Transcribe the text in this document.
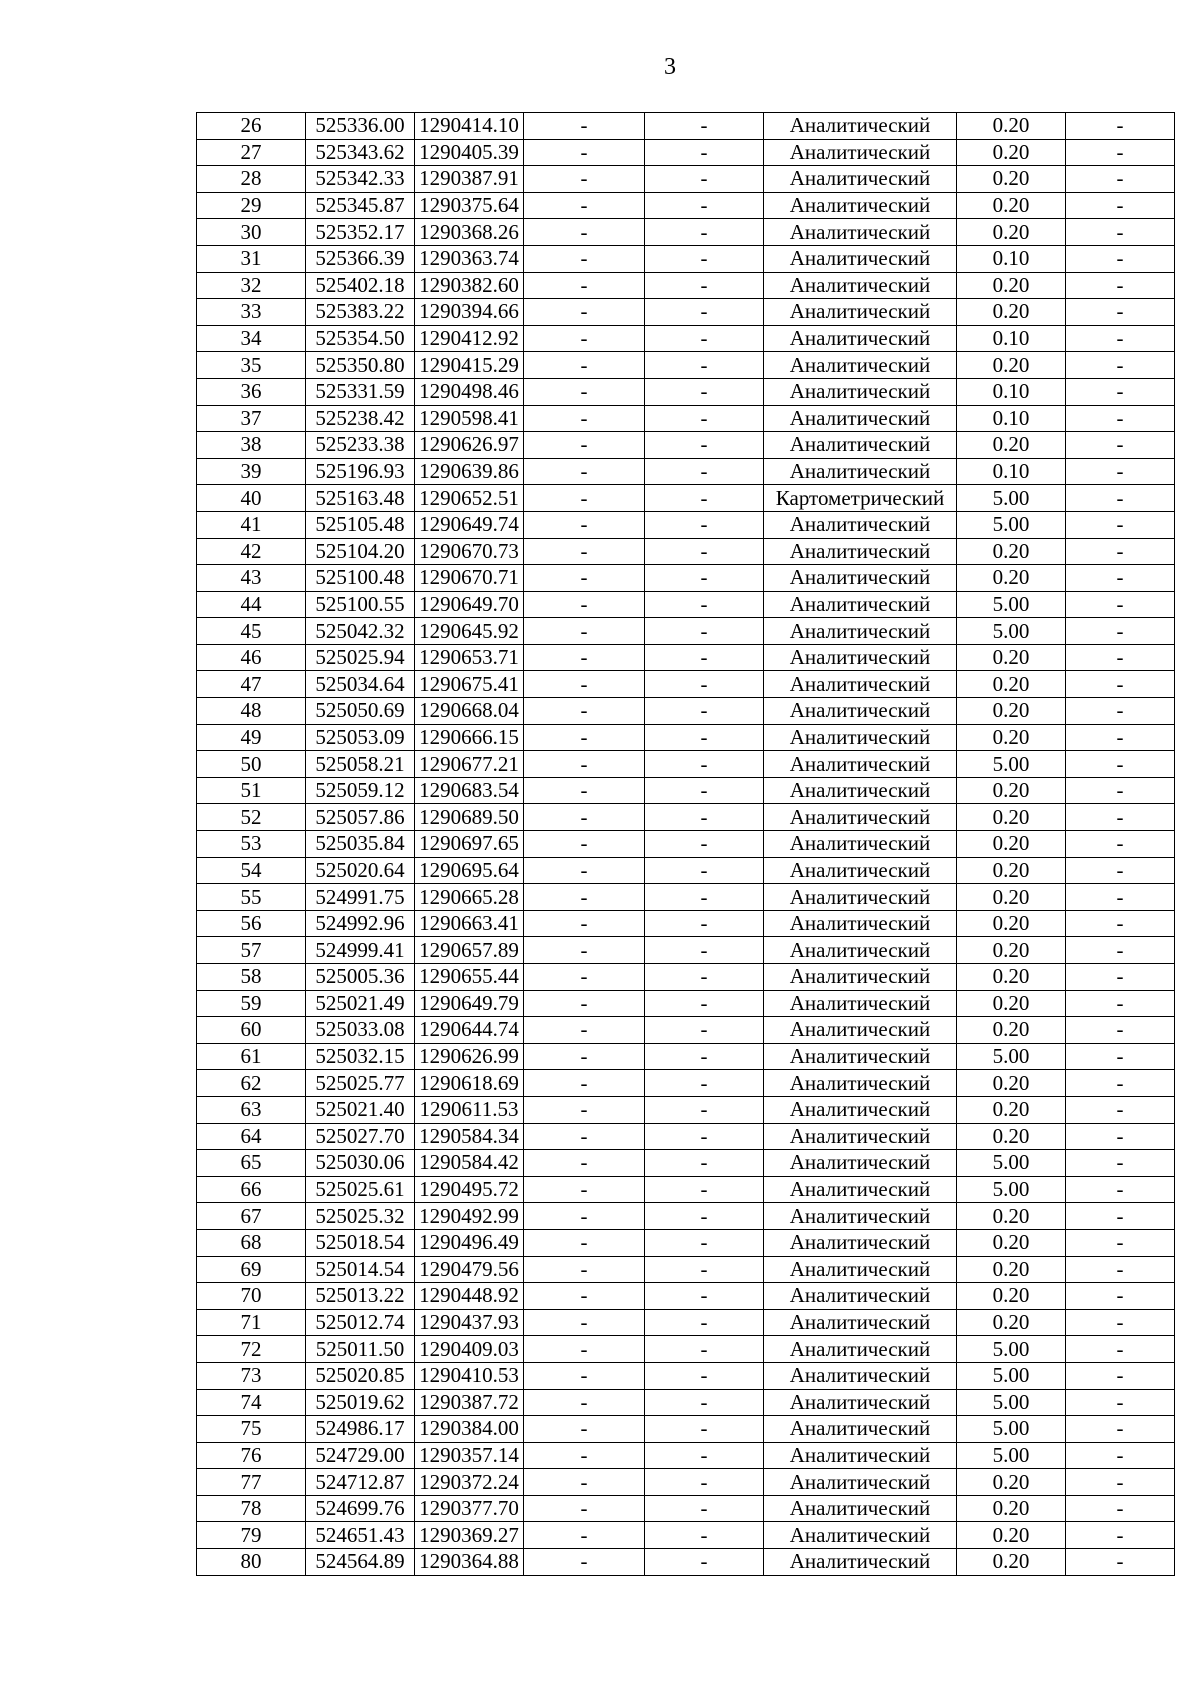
3
26	525336.00	1290414.10	-	-	Аналитический	0.20	-
27	525343.62	1290405.39	-	-	Аналитический	0.20	-
28	525342.33	1290387.91	-	-	Аналитический	0.20	-
29	525345.87	1290375.64	-	-	Аналитический	0.20	-
30	525352.17	1290368.26	-	-	Аналитический	0.20	-
31	525366.39	1290363.74	-	-	Аналитический	0.10	-
32	525402.18	1290382.60	-	-	Аналитический	0.20	-
33	525383.22	1290394.66	-	-	Аналитический	0.20	-
34	525354.50	1290412.92	-	-	Аналитический	0.10	-
35	525350.80	1290415.29	-	-	Аналитический	0.20	-
36	525331.59	1290498.46	-	-	Аналитический	0.10	-
37	525238.42	1290598.41	-	-	Аналитический	0.10	-
38	525233.38	1290626.97	-	-	Аналитический	0.20	-
39	525196.93	1290639.86	-	-	Аналитический	0.10	-
40	525163.48	1290652.51	-	-	Картометрический	5.00	-
41	525105.48	1290649.74	-	-	Аналитический	5.00	-
42	525104.20	1290670.73	-	-	Аналитический	0.20	-
43	525100.48	1290670.71	-	-	Аналитический	0.20	-
44	525100.55	1290649.70	-	-	Аналитический	5.00	-
45	525042.32	1290645.92	-	-	Аналитический	5.00	-
46	525025.94	1290653.71	-	-	Аналитический	0.20	-
47	525034.64	1290675.41	-	-	Аналитический	0.20	-
48	525050.69	1290668.04	-	-	Аналитический	0.20	-
49	525053.09	1290666.15	-	-	Аналитический	0.20	-
50	525058.21	1290677.21	-	-	Аналитический	5.00	-
51	525059.12	1290683.54	-	-	Аналитический	0.20	-
52	525057.86	1290689.50	-	-	Аналитический	0.20	-
53	525035.84	1290697.65	-	-	Аналитический	0.20	-
54	525020.64	1290695.64	-	-	Аналитический	0.20	-
55	524991.75	1290665.28	-	-	Аналитический	0.20	-
56	524992.96	1290663.41	-	-	Аналитический	0.20	-
57	524999.41	1290657.89	-	-	Аналитический	0.20	-
58	525005.36	1290655.44	-	-	Аналитический	0.20	-
59	525021.49	1290649.79	-	-	Аналитический	0.20	-
60	525033.08	1290644.74	-	-	Аналитический	0.20	-
61	525032.15	1290626.99	-	-	Аналитический	5.00	-
62	525025.77	1290618.69	-	-	Аналитический	0.20	-
63	525021.40	1290611.53	-	-	Аналитический	0.20	-
64	525027.70	1290584.34	-	-	Аналитический	0.20	-
65	525030.06	1290584.42	-	-	Аналитический	5.00	-
66	525025.61	1290495.72	-	-	Аналитический	5.00	-
67	525025.32	1290492.99	-	-	Аналитический	0.20	-
68	525018.54	1290496.49	-	-	Аналитический	0.20	-
69	525014.54	1290479.56	-	-	Аналитический	0.20	-
70	525013.22	1290448.92	-	-	Аналитический	0.20	-
71	525012.74	1290437.93	-	-	Аналитический	0.20	-
72	525011.50	1290409.03	-	-	Аналитический	5.00	-
73	525020.85	1290410.53	-	-	Аналитический	5.00	-
74	525019.62	1290387.72	-	-	Аналитический	5.00	-
75	524986.17	1290384.00	-	-	Аналитический	5.00	-
76	524729.00	1290357.14	-	-	Аналитический	5.00	-
77	524712.87	1290372.24	-	-	Аналитический	0.20	-
78	524699.76	1290377.70	-	-	Аналитический	0.20	-
79	524651.43	1290369.27	-	-	Аналитический	0.20	-
80	524564.89	1290364.88	-	-	Аналитический	0.20	-
